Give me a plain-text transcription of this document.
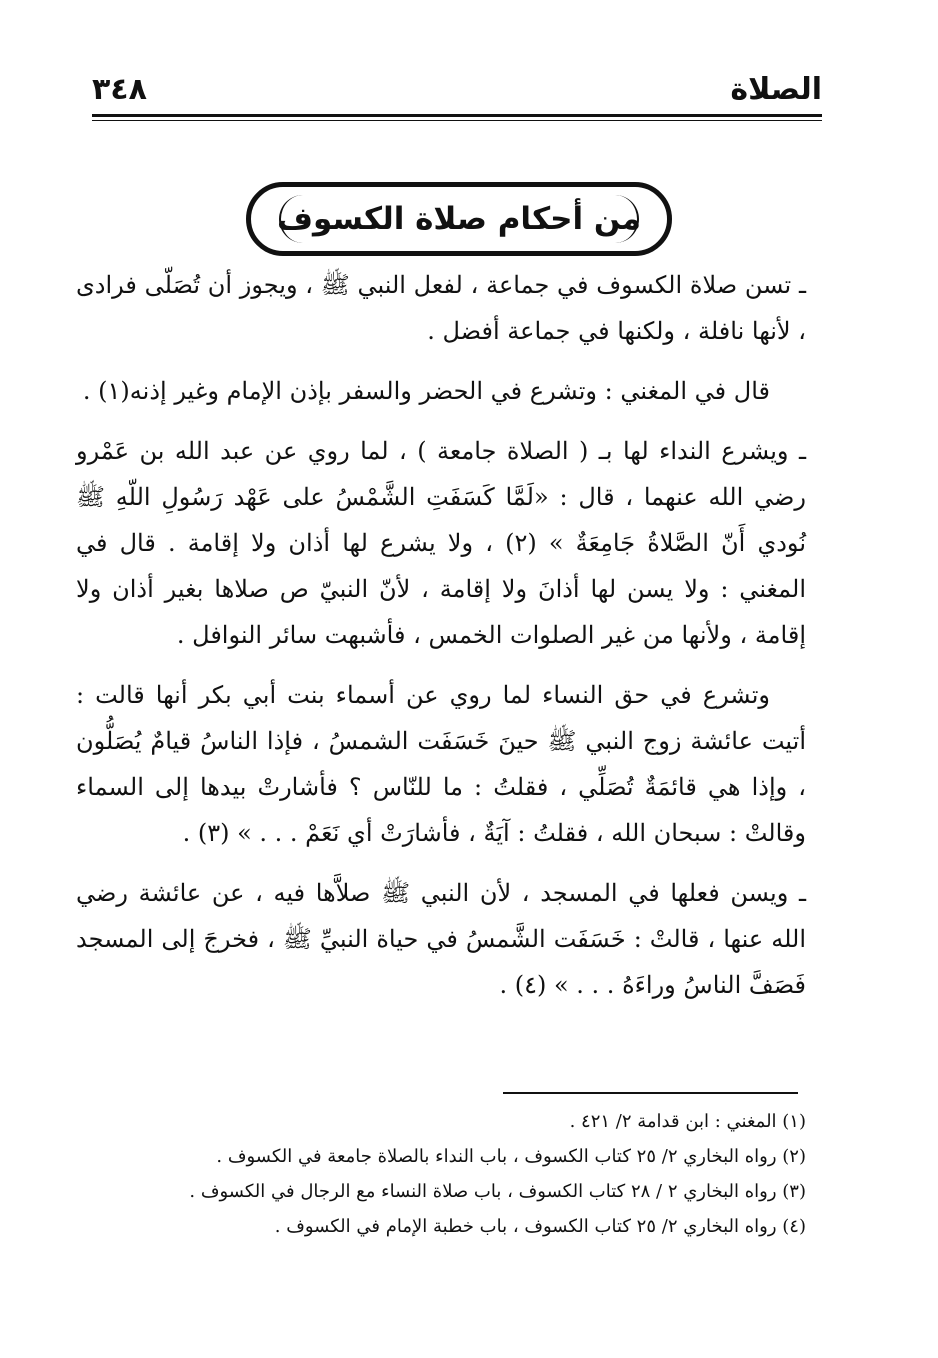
الصلاة
٣٤٨
من أحكام صلاة الكسوف

ـ تسن صلاة الكسوف في جماعة ، لفعل النبي ﷺ ، ويجوز أن تُصَلّى فرادى ، لأنها نافلة ، ولكنها في جماعة أفضل .

قال في المغني : وتشرع في الحضر والسفر بإذن الإمام وغير إذنه(١) .

ـ ويشرع النداء لها بـ ( الصلاة جامعة ) ، لما روي عن عبد الله بن عَمْرو رضي الله عنهما ، قال : «لَمَّا كَسَفَتِ الشَّمْسُ على عَهْد رَسُولِ اللّهِ ﷺ نُودي أَنّ الصَّلاةُ جَامِعَةٌ » (٢) ، ولا يشرع لها أذان ولا إقامة . قال في المغني : ولا يسن لها أذانَ ولا إقامة ، لأنّ النبيّ ص صلاها بغير أذان ولا إقامة ، ولأنها من غير الصلوات الخمس ، فأشبهت سائر النوافل .

وتشرع في حق النساء لما روي عن أسماء بنت أبي بكر أنها قالت : أتيت عائشة زوج النبي ﷺ حينَ خَسَفَت الشمسُ ، فإذا الناسُ قيامٌ يُصَلُّون ، وإذا هي قائمَةٌ تُصَلِّي ، فقلتُ : ما للنّاس ؟ فأشارتْ بيدها إلى السماء وقالتْ : سبحان الله ، فقلتُ : آيَةٌ ، فأشارَتْ أي نَعَمْ . . . » (٣) .

ـ ويسن فعلها في المسجد ، لأن النبي ﷺ صلاَّها فيه ، عن عائشة رضي الله عنها ، قالتْ : خَسَفَت الشَّمسُ في حياة النبيِّ ﷺ ، فخرجَ إلى المسجد فَصَفَّ الناسُ وراءَهُ . . . » (٤) .

(١) المغني : ابن قدامة ٢/ ٤٢١ .

(٢) رواه البخاري ٢/ ٢٥ كتاب الكسوف ، باب النداء بالصلاة جامعة في الكسوف .

(٣) رواه البخاري ٢ / ٢٨ كتاب الكسوف ، باب صلاة النساء مع الرجال في الكسوف .

(٤) رواه البخاري ٢/ ٢٥ كتاب الكسوف ، باب خطبة الإمام في الكسوف .
